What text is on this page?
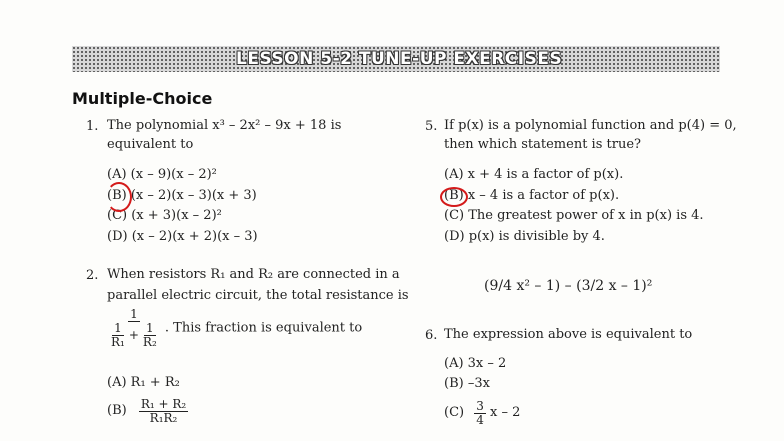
LESSON 5-2 TUNE-UP EXERCISES
Multiple-Choice
1. The polynomial x³ – 2x² – 9x + 18 is
equivalent to
(A) (x – 9)(x – 2)²
(B) (x – 2)(x – 3)(x + 3)
(C) (x + 3)(x – 2)²
(D) (x – 2)(x + 2)(x – 3)
2. When resistors R₁ and R₂ are connected in a
parallel electric circuit, the total resistance is
$\frac{1}{\frac{1}{\text{R₁}} + \frac{1}{\text{R₂}}}$ . This fraction is equivalent to
(A) R₁ + R₂
$(B) \frac{\text{R₁ + R₂}}{\text{R₁R₂}}$
5. If p(x) is a polynomial function and p(4) = 0,
then which statement is true?
(A) x + 4 is a factor of p(x).
(B) x – 4 is a factor of p(x).
(C) The greatest power of x in p(x) is 4.
(D) p(x) is divisible by 4.
(9/4 x² – 1) – (3/2 x – 1)²
6. The expression above is equivalent to
(A) 3x – 2
(B) –3x
$(C) \frac{3}{4}$ x – 2
